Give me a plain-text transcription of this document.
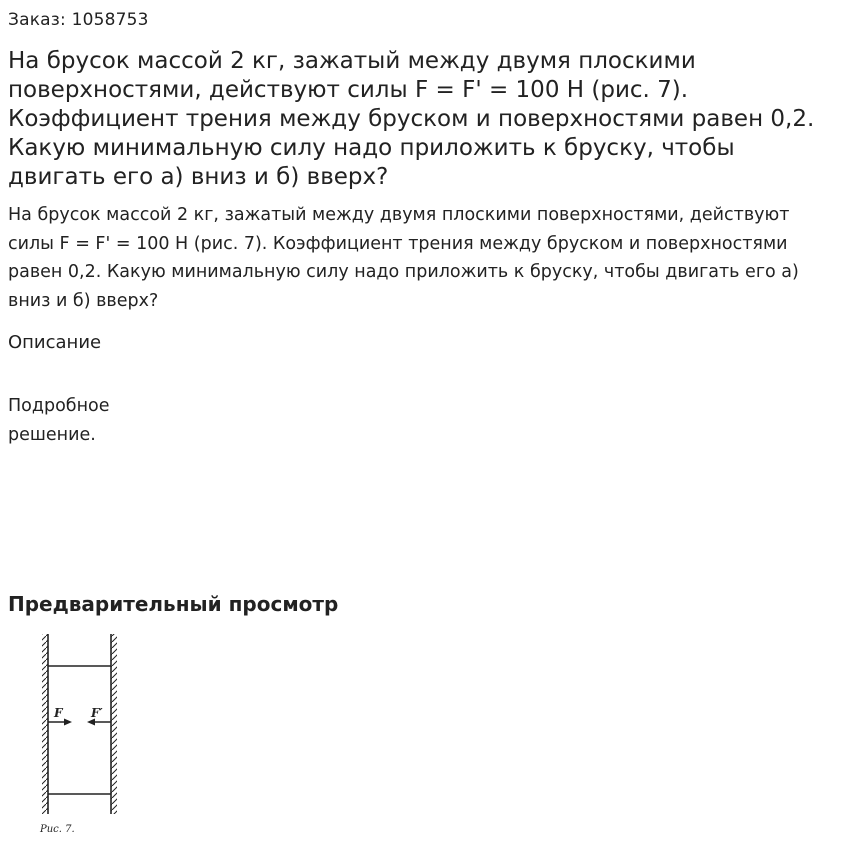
Заказ: 1058753
На брусок массой 2 кг, зажатый между двумя плоскими поверхностями, действуют силы F = F' = 100 Н (рис. 7). Коэффициент трения между бруском и поверхностями равен 0,2. Какую минимальную силу надо приложить к бруску, чтобы двигать его а) вниз и б) вверх?

На брусок массой 2 кг, зажатый между двумя плоскими поверхностями, действуют силы F = F' = 100 Н (рис. 7). Коэффициент трения между бруском и поверхностями равен 0,2. Какую минимальную силу надо приложить к бруску, чтобы двигать его а) вниз и б) вверх?

Описание

Подробное решение.

Предварительный просмотр
F F′
Рис. 7.
